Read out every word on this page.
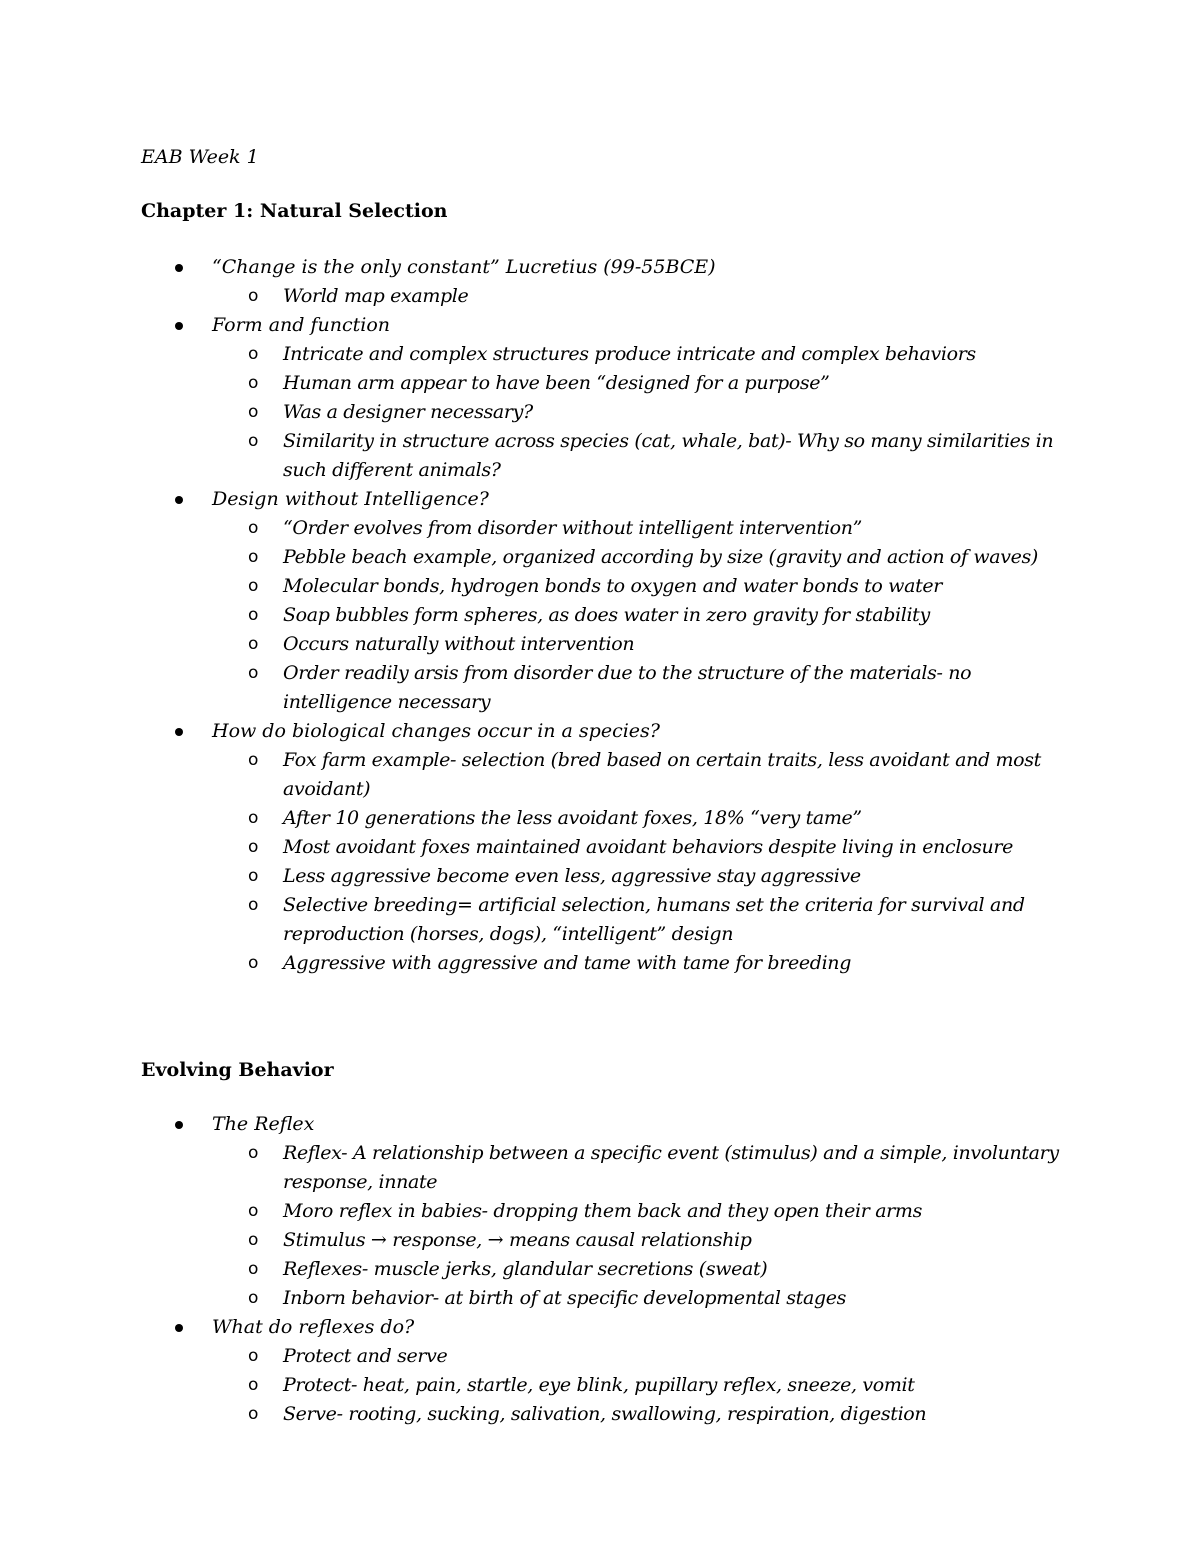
EAB Week 1
Chapter 1: Natural Selection
“Change is the only constant” Lucretius (99-55BCE)
o World map example
Form and function
o Intricate and complex structures produce intricate and complex behaviors
o Human arm appear to have been “designed for a purpose”
o Was a designer necessary?
o Similarity in structure across species (cat, whale, bat)- Why so many similarities in such different animals?
Design without Intelligence?
o “Order evolves from disorder without intelligent intervention”
o Pebble beach example, organized according by size (gravity and action of waves)
o Molecular bonds, hydrogen bonds to oxygen and water bonds to water
o Soap bubbles form spheres, as does water in zero gravity for stability
o Occurs naturally without intervention
o Order readily arsis from disorder due to the structure of the materials- no intelligence necessary
How do biological changes occur in a species?
o Fox farm example- selection (bred based on certain traits, less avoidant and most avoidant)
o After 10 generations the less avoidant foxes, 18% “very tame”
o Most avoidant foxes maintained avoidant behaviors despite living in enclosure
o Less aggressive become even less, aggressive stay aggressive
o Selective breeding= artificial selection, humans set the criteria for survival and reproduction (horses, dogs), “intelligent” design
o Aggressive with aggressive and tame with tame for breeding
Evolving Behavior
The Reflex
o Reflex- A relationship between a specific event (stimulus) and a simple, involuntary response, innate
o Moro reflex in babies- dropping them back and they open their arms
o Stimulus → response, → means causal relationship
o Reflexes- muscle jerks, glandular secretions (sweat)
o Inborn behavior- at birth of at specific developmental stages
What do reflexes do?
o Protect and serve
o Protect- heat, pain, startle, eye blink, pupillary reflex, sneeze, vomit
o Serve- rooting, sucking, salivation, swallowing, respiration, digestion
